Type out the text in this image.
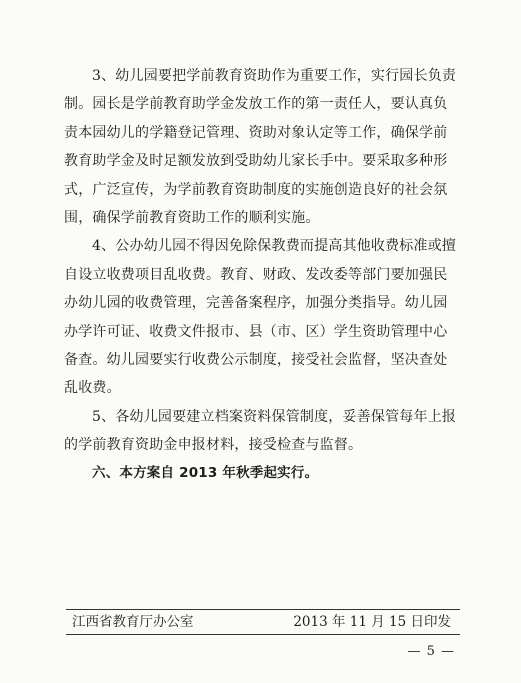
3、幼儿园要把学前教育资助作为重要工作，实行园长负责
制。园长是学前教育助学金发放工作的第一责任人，要认真负
责本园幼儿的学籍登记管理、资助对象认定等工作，确保学前
教育助学金及时足额发放到受助幼儿家长手中。要采取多种形
式，广泛宣传，为学前教育资助制度的实施创造良好的社会氛
围，确保学前教育资助工作的顺利实施。
4、公办幼儿园不得因免除保教费而提高其他收费标准或擅
自设立收费项目乱收费。教育、财政、发改委等部门要加强民
办幼儿园的收费管理，完善备案程序，加强分类指导。幼儿园
办学许可证、收费文件报市、县（市、区）学生资助管理中心
备查。幼儿园要实行收费公示制度，接受社会监督，坚决查处
乱收费。
5、各幼儿园要建立档案资料保管制度，妥善保管每年上报
的学前教育资助金申报材料，接受检查与监督。
六、本方案自 2013 年秋季起实行。
江西省教育厅办公室	2013 年 11 月 15 日印发
— 5 —
